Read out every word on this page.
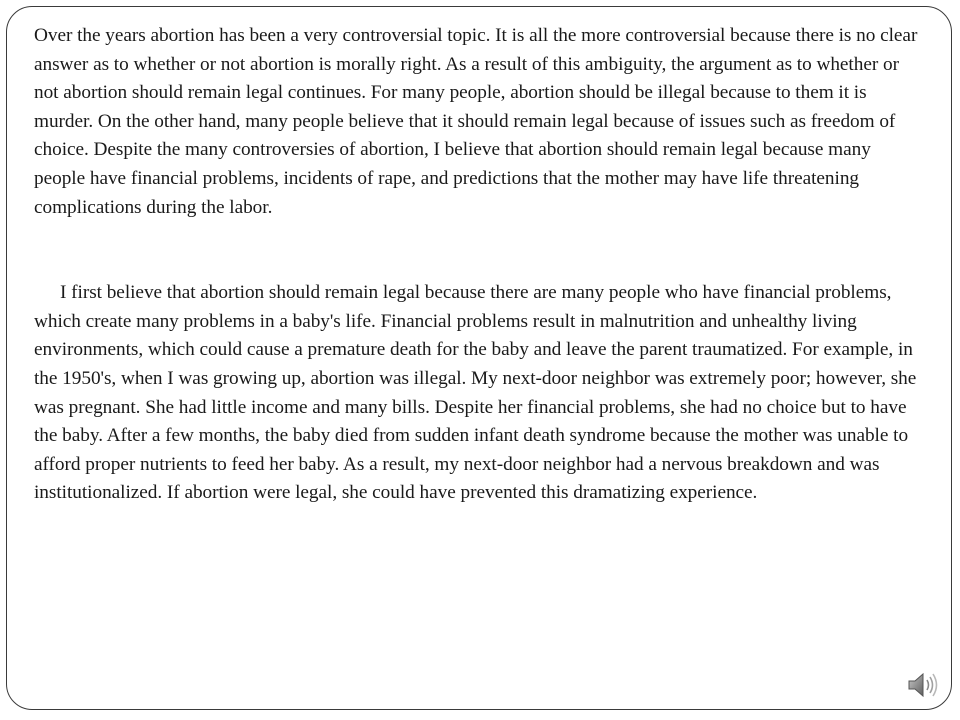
Over the years abortion has been a very controversial topic. It is all the more controversial because there is no clear answer as to whether or not abortion is morally right. As a result of this ambiguity, the argument as to whether or not abortion should remain legal continues. For many people, abortion should be illegal because to them it is murder. On the other hand, many people believe that it should remain legal because of issues such as freedom of choice. Despite the many controversies of abortion, I believe that abortion should remain legal because many people have financial problems, incidents of rape, and predictions that the mother may have life threatening complications during the labor.

I first believe that abortion should remain legal because there are many people who have financial problems, which create many problems in a baby's life. Financial problems result in malnutrition and unhealthy living environments, which could cause a premature death for the baby and leave the parent traumatized. For example, in the 1950's, when I was growing up, abortion was illegal. My next-door neighbor was extremely poor; however, she was pregnant. She had little income and many bills. Despite her financial problems, she had no choice but to have the baby. After a few months, the baby died from sudden infant death syndrome because the mother was unable to afford proper nutrients to feed her baby. As a result, my next-door neighbor had a nervous breakdown and was institutionalized. If abortion were legal, she could have prevented this dramatizing experience.
